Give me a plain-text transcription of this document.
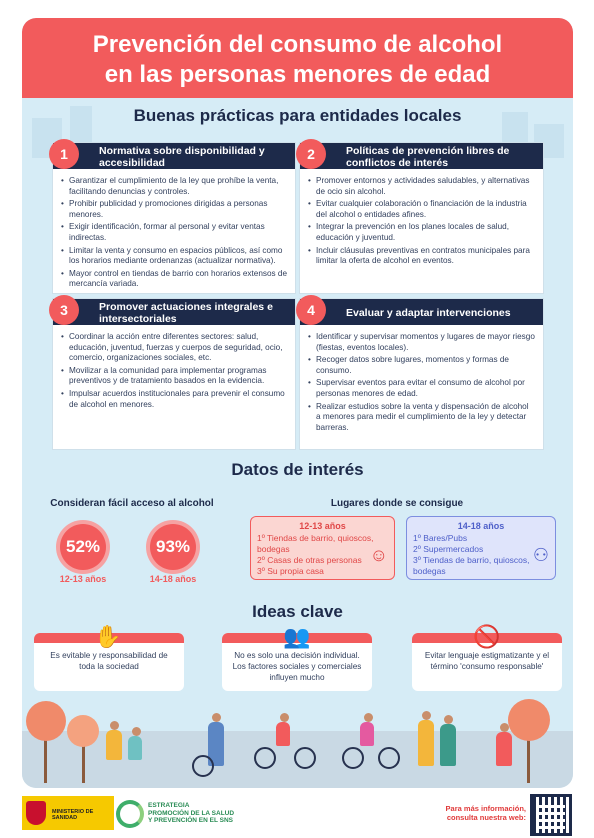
Prevención del consumo de alcohol
en las personas menores de edad
Buenas prácticas para entidades locales
1	Normativa sobre disponibilidad y accesibilidad
• Garantizar el cumplimiento de la ley que prohíbe la venta, facilitando denuncias y controles.
• Prohibir publicidad y promociones dirigidas a personas menores.
• Exigir identificación, formar al personal y evitar ventas indirectas.
• Limitar la venta y consumo en espacios públicos, así como los horarios mediante ordenanzas (actualizar normativa).
• Mayor control en tiendas de barrio con horarios extensos de mercancía variada.
2	Políticas de prevención libres de conflictos de interés
• Promover entornos y actividades saludables, y alternativas de ocio sin alcohol.
• Evitar cualquier colaboración o financiación de la industria del alcohol o entidades afines.
• Integrar la prevención en los planes locales de salud, educación y juventud.
• Incluir cláusulas preventivas en contratos municipales para limitar la oferta de alcohol en eventos.
3	Promover actuaciones integrales e intersectoriales
• Coordinar la acción entre diferentes sectores: salud, educación, juventud, fuerzas y cuerpos de seguridad, ocio, comercio, organizaciones sociales, etc.
• Movilizar a la comunidad para implementar programas preventivos y de tratamiento basados en la evidencia.
• Impulsar acuerdos institucionales para prevenir el consumo de alcohol en menores.
4	Evaluar y adaptar intervenciones
• Identificar y supervisar momentos y lugares de mayor riesgo (fiestas, eventos locales).
• Recoger datos sobre lugares, momentos y formas de consumo.
• Supervisar eventos para evitar el consumo de alcohol por personas menores de edad.
• Realizar estudios sobre la venta y dispensación de alcohol a menores para medir el cumplimiento de la ley y detectar barreras.
Datos de interés
Consideran fácil acceso al alcohol
52%	93%
12-13 años	14-18 años
Lugares donde se consigue
12-13 años
1º Tiendas de barrio, quioscos, bodegas
2º Casas de otras personas
3º Su propia casa
☺
14-18 años
1º Bares/Pubs
2º Supermercados
3º Tiendas de barrio, quioscos, bodegas
⚇
Ideas clave
Es evitable y responsabilidad de toda la sociedad
No es solo una decisión individual. Los factores sociales y comerciales influyen mucho
Evitar lenguaje estigmatizante y el término 'consumo responsable'
✋	👥	🚫
MINISTERIO DE SANIDAD
ESTRATEGIA
PROMOCIÓN DE LA SALUD
Y PREVENCIÓN EN EL SNS
Para más información,
consulta nuestra web:
